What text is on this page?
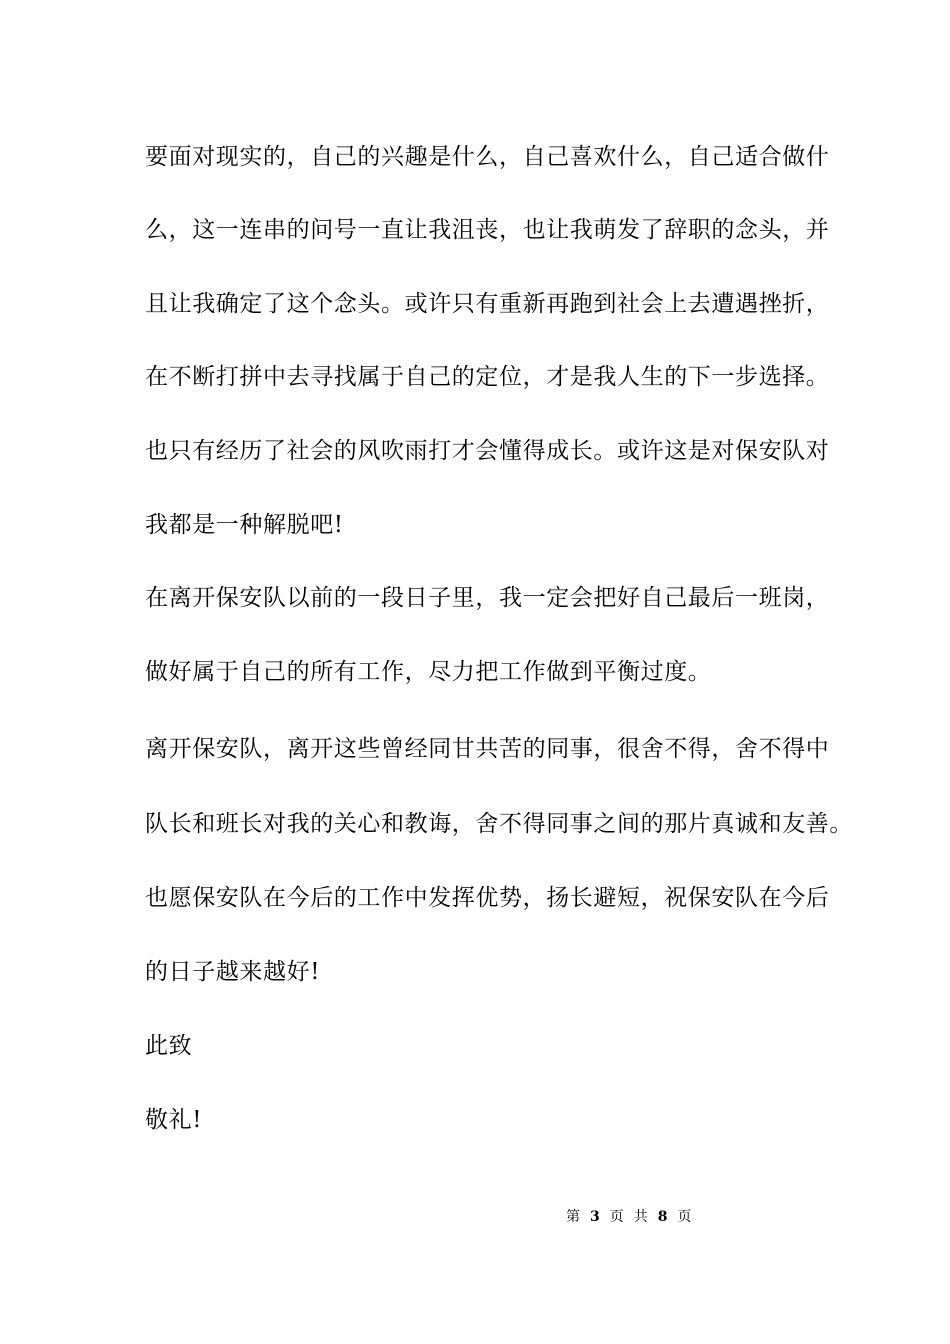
要面对现实的，自己的兴趣是什么，自己喜欢什么，自己适合做什
么，这一连串的问号一直让我沮丧，也让我萌发了辞职的念头，并
且让我确定了这个念头。或许只有重新再跑到社会上去遭遇挫折，
在不断打拼中去寻找属于自己的定位，才是我人生的下一步选择。
也只有经历了社会的风吹雨打才会懂得成长。或许这是对保安队对
我都是一种解脱吧!
在离开保安队以前的一段日子里，我一定会把好自己最后一班岗，
做好属于自己的所有工作，尽力把工作做到平衡过度。
离开保安队，离开这些曾经同甘共苦的同事，很舍不得，舍不得中
队长和班长对我的关心和教诲，舍不得同事之间的那片真诚和友善。
也愿保安队在今后的工作中发挥优势，扬长避短，祝保安队在今后
的日子越来越好!
此致
敬礼!
第 3 页 共 8 页
